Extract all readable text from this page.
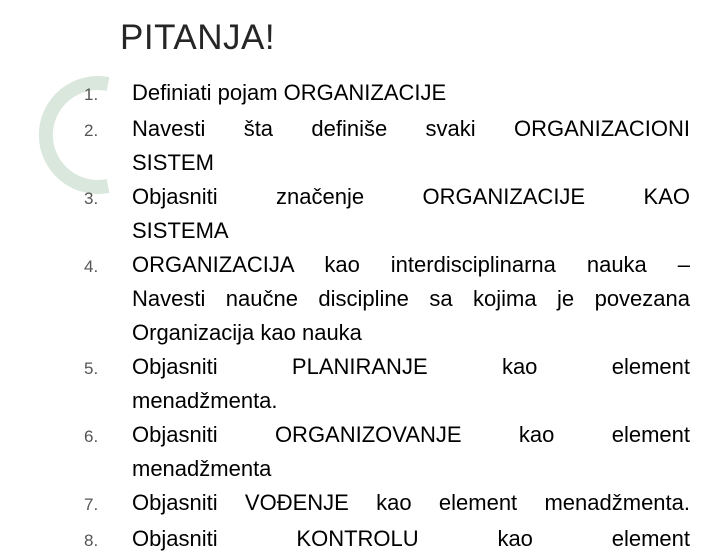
PITANJA!
1.	Definiati pojam ORGANIZACIJE
2.	Navesti šta definiše svaki ORGANIZACIONI
SISTEM
3.	Objasniti značenje ORGANIZACIJE KAO
SISTEMA
4.	ORGANIZACIJA kao interdisciplinarna nauka –
Navesti naučne discipline sa kojima je povezana
Organizacija kao nauka
5.	Objasniti PLANIRANJE kao element
menadžmenta.
6.	Objasniti ORGANIZOVANJE kao element
menadžmenta
7.	Objasniti VOĐENJE kao element menadžmenta.
8.	Objasniti KONTROLU kao element
